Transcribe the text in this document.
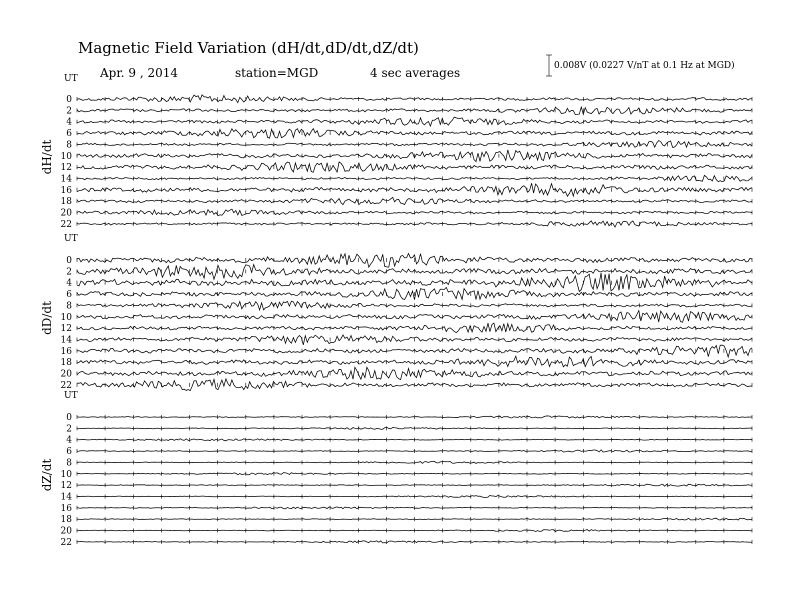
Magnetic Field Variation (dH/dt,dD/dt,dZ/dt)
Apr. 9 , 2014	station=MGD	4 sec averages	0.008V (0.0227 V/nT at 0.1 Hz at MGD)
UT
dH/dt
0
2
4
6
8
10
12
14
16
18
20
22
UT
dD/dt
0
2
4
6
8
10
12
14
16
18
20
22
UT
dZ/dt
0
2
4
6
8
10
12
14
16
18
20
22
